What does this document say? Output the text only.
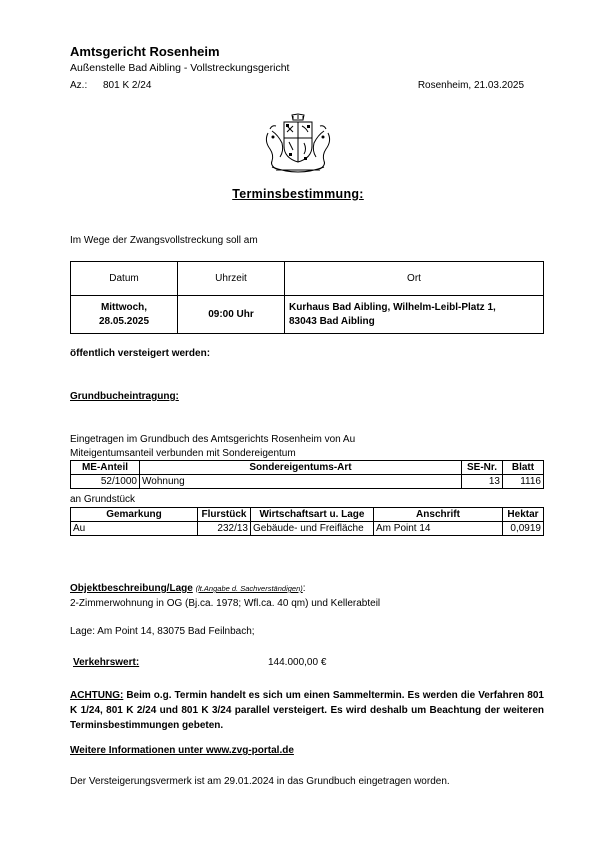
Amtsgericht Rosenheim
Außenstelle Bad Aibling - Vollstreckungsgericht
Az.: 801 K 2/24	Rosenheim, 21.03.2025
Terminsbestimmung:
Im Wege der Zwangsvollstreckung soll am
Datum	Uhrzeit	Ort
Mittwoch,
28.05.2025	09:00 Uhr	Kurhaus Bad Aibling, Wilhelm-Leibl-Platz 1,
83043 Bad Aibling
öffentlich versteigert werden:
Grundbucheintragung:
Eingetragen im Grundbuch des Amtsgerichts Rosenheim von Au
Miteigentumsanteil verbunden mit Sondereigentum
ME-Anteil	Sondereigentums-Art	SE-Nr.	Blatt
52/1000	Wohnung	13	1116
an Grundstück
Gemarkung	Flurstück	Wirtschaftsart u. Lage	Anschrift	Hektar
Au	232/13	Gebäude- und Freifläche	Am Point 14	0,0919
Objektbeschreibung/Lage (lt.Angabe d. Sachverständigen):
2-Zimmerwohnung in OG (Bj.ca. 1978; Wfl.ca. 40 qm) und Kellerabteil
Lage: Am Point 14, 83075 Bad Feilnbach;
Verkehrswert:	144.000,00 €
ACHTUNG: Beim o.g. Termin handelt es sich um einen Sammeltermin. Es werden die Verfahren 801 K 1/24, 801 K 2/24 und 801 K 3/24 parallel versteigert. Es wird deshalb um Beachtung der weiteren Terminsbestimmungen gebeten.
Weitere Informationen unter www.zvg-portal.de
Der Versteigerungsvermerk ist am 29.01.2024 in das Grundbuch eingetragen worden.
